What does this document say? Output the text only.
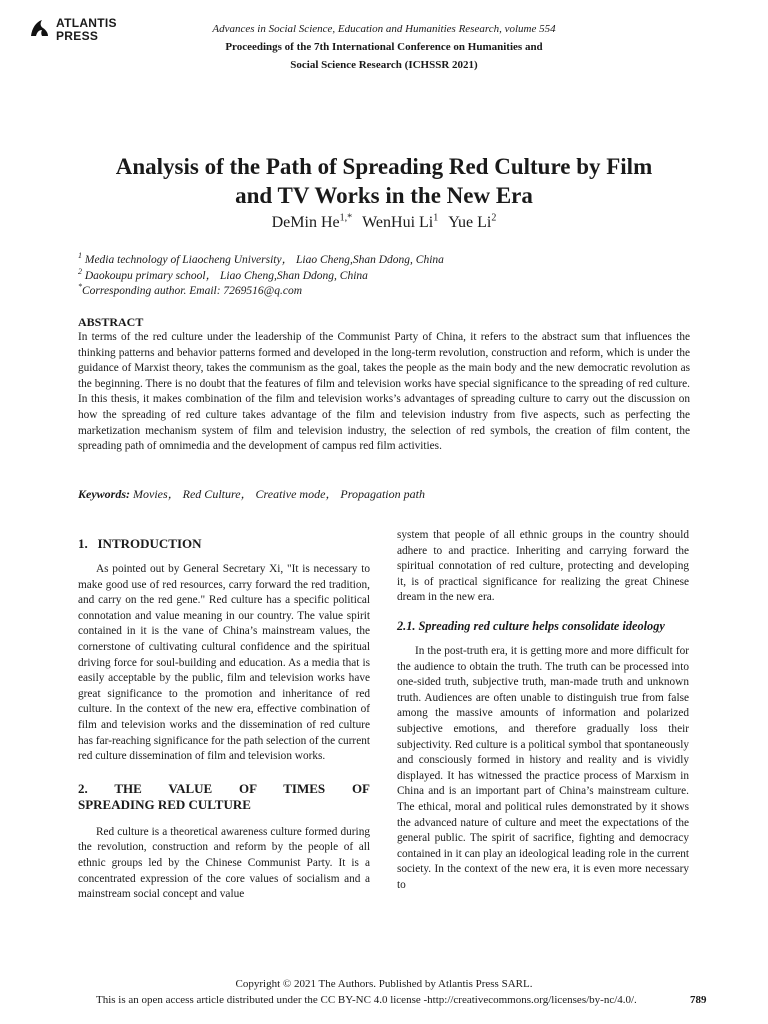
ATLANTIS
PRESS	Advances in Social Science, Education and Humanities Research, volume 554
Proceedings of the 7th International Conference on Humanities and
Social Science Research (ICHSSR 2021)
Analysis of the Path of Spreading Red Culture by Film
and TV Works in the New Era
DeMin $He^{1,*}$ WenHui Li$^1$ Yue Li$^2$
$^1$ Media technology of Liaocheng University， Liao Cheng,Shan Ddong, China
$^2$ Daokoupu primary school， Liao Cheng,Shan Ddong, China
*Corresponding author. Email: 7269516@q.com
ABSTRACT

In terms of the red culture under the leadership of the Communist Party of China, it refers to the abstract sum that influences the thinking patterns and behavior patterns formed and developed in the long-term revolution, construction and reform, which is under the guidance of Marxist theory, takes the communism as the goal, takes the people as the main body and the new democratic revolution as the beginning. There is no doubt that the features of film and television works have special significance to the spreading of red culture. In this thesis, it makes combination of the film and television works’s advantages of spreading culture to carry out the discussion on how the spreading of red culture takes advantage of the film and television industry from five aspects, such as perfecting the marketization mechanism system of film and television industry, the selection of red symbols, the creation of film content, the spreading path of omnimedia and the development of campus red film activities.

Keywords: Movies， Red Culture， Creative mode， Propagation path
1.   INTRODUCTION

As pointed out by General Secretary Xi, "It is necessary to make good use of red resources, carry forward the red tradition, and carry on the red gene." Red culture has a specific political connotation and value meaning in our country. The value spirit contained in it is the vane of China’s mainstream values, the cornerstone of cultivating cultural confidence and the spiritual driving force for soul-building and education. As a media that is easily acceptable by the public, film and television works have great significance to the promotion and inheritance of red culture. In the context of the new era, effective combination of film and television works and the dissemination of red culture has far-reaching significance for the path selection of the current red culture dissemination of film and television works.

2. THE VALUE OF TIMES OF
SPREADING RED CULTURE

Red culture is a theoretical awareness culture formed during the revolution, construction and reform by the people of all ethnic groups led by the Chinese Communist Party. It is a concentrated expression of the core values of socialism and a mainstream social concept and value

system that people of all ethnic groups in the country should adhere to and practice. Inheriting and carrying forward the spiritual connotation of red culture, protecting and developing it, is of practical significance for realizing the great Chinese dream in the new era.

2.1. Spreading red culture helps consolidate ideology

In the post-truth era, it is getting more and more difficult for the audience to obtain the truth. The truth can be processed into one-sided truth, subjective truth, man-made truth and unknown truth. Audiences are often unable to distinguish true from false among the massive amounts of information and polarized subjective emotions, and therefore gradually loss their subjectivity. Red culture is a political symbol that spontaneously and consciously formed in history and reality and is vividly displayed. It has witnessed the practice process of Marxism in China and is an important part of China’s mainstream culture. The ethical, moral and political rules demonstrated by it shows the advanced nature of culture and meet the expectations of the general public. The spirit of sacrifice, fighting and democracy contained in it can play an ideological leading role in the current society. In the context of the new era, it is even more necessary to

Copyright © 2021 The Authors. Published by Atlantis Press SARL.
This is an open access article distributed under the CC BY-NC 4.0 license -http://creativecommons.org/licenses/by-nc/4.0/.	789
